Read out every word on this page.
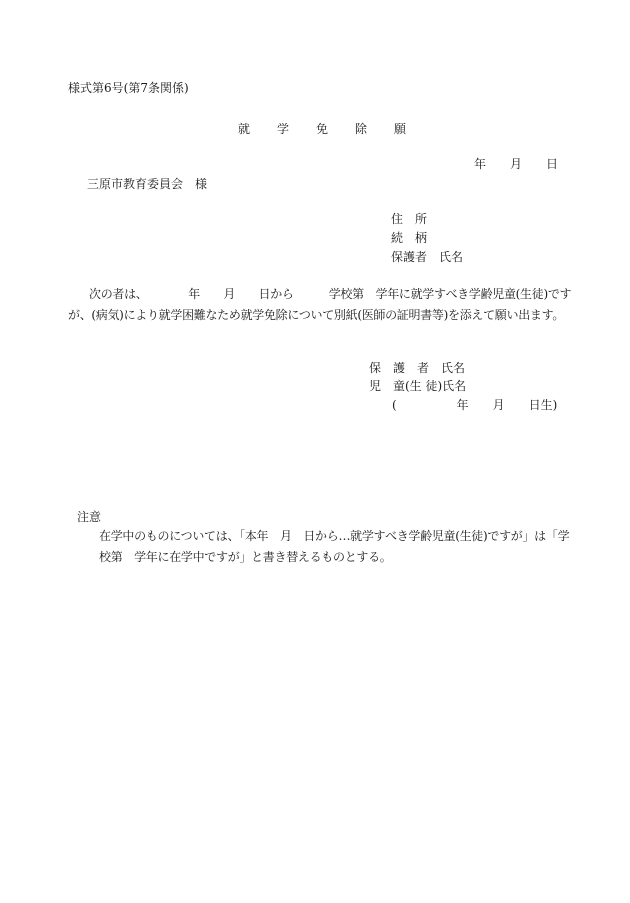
様式第6号(第7条関係)
就　　学　　免　　除　　願
年　　月　　日
三原市教育委員会　様
住　所
続　柄
保護者　氏名
次の者は、　　　　年　　月　　日から　　　学校第　学年に就学すべき学齢児童(生徒)ですが、(病気)により就学困難なため就学免除について別紙(医師の証明書等)を添えて願い出ます。
保　護　者　氏名
児　童(生 徒)氏名
(　　　　　年　　月　　日生)
注意
在学中のものについては、「本年　月　日から…就学すべき学齢児童(生徒)ですが」は「学校第　学年に在学中ですが」と書き替えるものとする。
